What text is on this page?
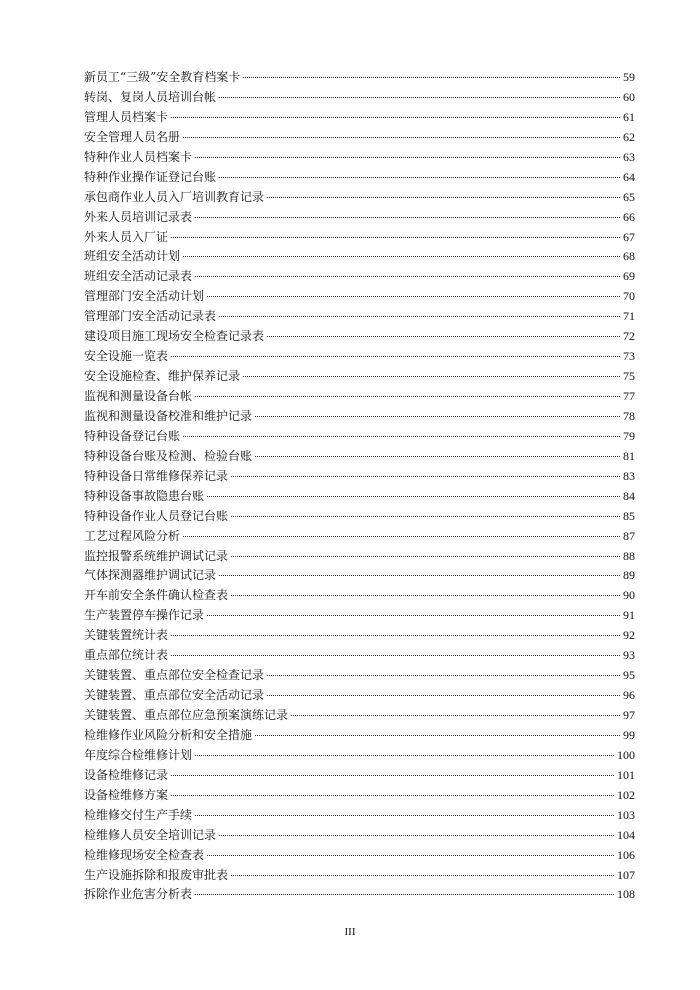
新员工“三级”安全教育档案卡	59
转岗、复岗人员培训台帐	60
管理人员档案卡	61
安全管理人员名册	62
特种作业人员档案卡	63
特种作业操作证登记台账	64
承包商作业人员入厂培训教育记录	65
外来人员培训记录表	66
外来人员入厂证	67
班组安全活动计划	68
班组安全活动记录表	69
管理部门安全活动计划	70
管理部门安全活动记录表	71
建设项目施工现场安全检查记录表	72
安全设施一览表	73
安全设施检查、维护保养记录	75
监视和测量设备台帐	77
监视和测量设备校准和维护记录	78
特种设备登记台账	79
特种设备台账及检测、检验台账	81
特种设备日常维修保养记录	83
特种设备事故隐患台账	84
特种设备作业人员登记台账	85
工艺过程风险分析	87
监控报警系统维护调试记录	88
气体探测器维护调试记录	89
开车前安全条件确认检查表	90
生产装置停车操作记录	91
关键装置统计表	92
重点部位统计表	93
关键装置、重点部位安全检查记录	95
关键装置、重点部位安全活动记录	96
关键装置、重点部位应急预案演练记录	97
检维修作业风险分析和安全措施	99
年度综合检维修计划	100
设备检维修记录	101
设备检维修方案	102
检维修交付生产手续	103
检维修人员安全培训记录	104
检维修现场安全检查表	106
生产设施拆除和报废审批表	107
拆除作业危害分析表	108
III
